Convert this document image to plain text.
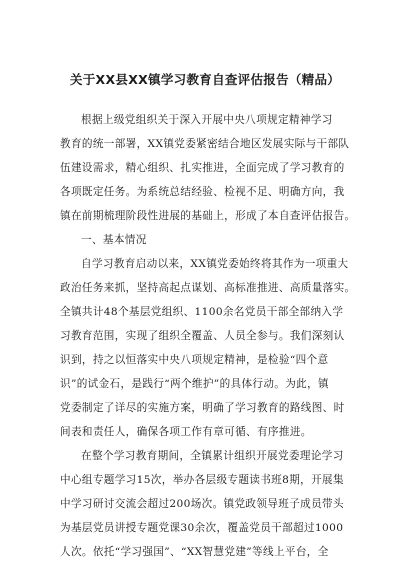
关于XX县XX镇学习教育自查评估报告（精品）
根据上级党组织关于深入开展中央八项规定精神学习
教育的统一部署，XX镇党委紧密结合地区发展实际与干部队
伍建设需求，精心组织、扎实推进，全面完成了学习教育的
各项既定任务。为系统总结经验、检视不足、明确方向，我
镇在前期梳理阶段性进展的基础上，形成了本自查评估报告。
一、基本情况
自学习教育启动以来，XX镇党委始终将其作为一项重大
政治任务来抓，坚持高起点谋划、高标准推进、高质量落实。
全镇共计48个基层党组织、1100余名党员干部全部纳入学
习教育范围，实现了组织全覆盖、人员全参与。我们深刻认
识到，持之以恒落实中央八项规定精神，是检验“四个意
识”的试金石，是践行“两个维护”的具体行动。为此，镇
党委制定了详尽的实施方案，明确了学习教育的路线图、时
间表和责任人，确保各项工作有章可循、有序推进。
在整个学习教育期间，全镇累计组织开展党委理论学习
中心组专题学习15次，举办各层级专题读书班8期，开展集
中学习研讨交流会超过200场次。镇党政领导班子成员带头
为基层党员讲授专题党课30余次，覆盖党员干部超过1000
人次。依托“学习强国”、“XX智慧党建”等线上平台，全
